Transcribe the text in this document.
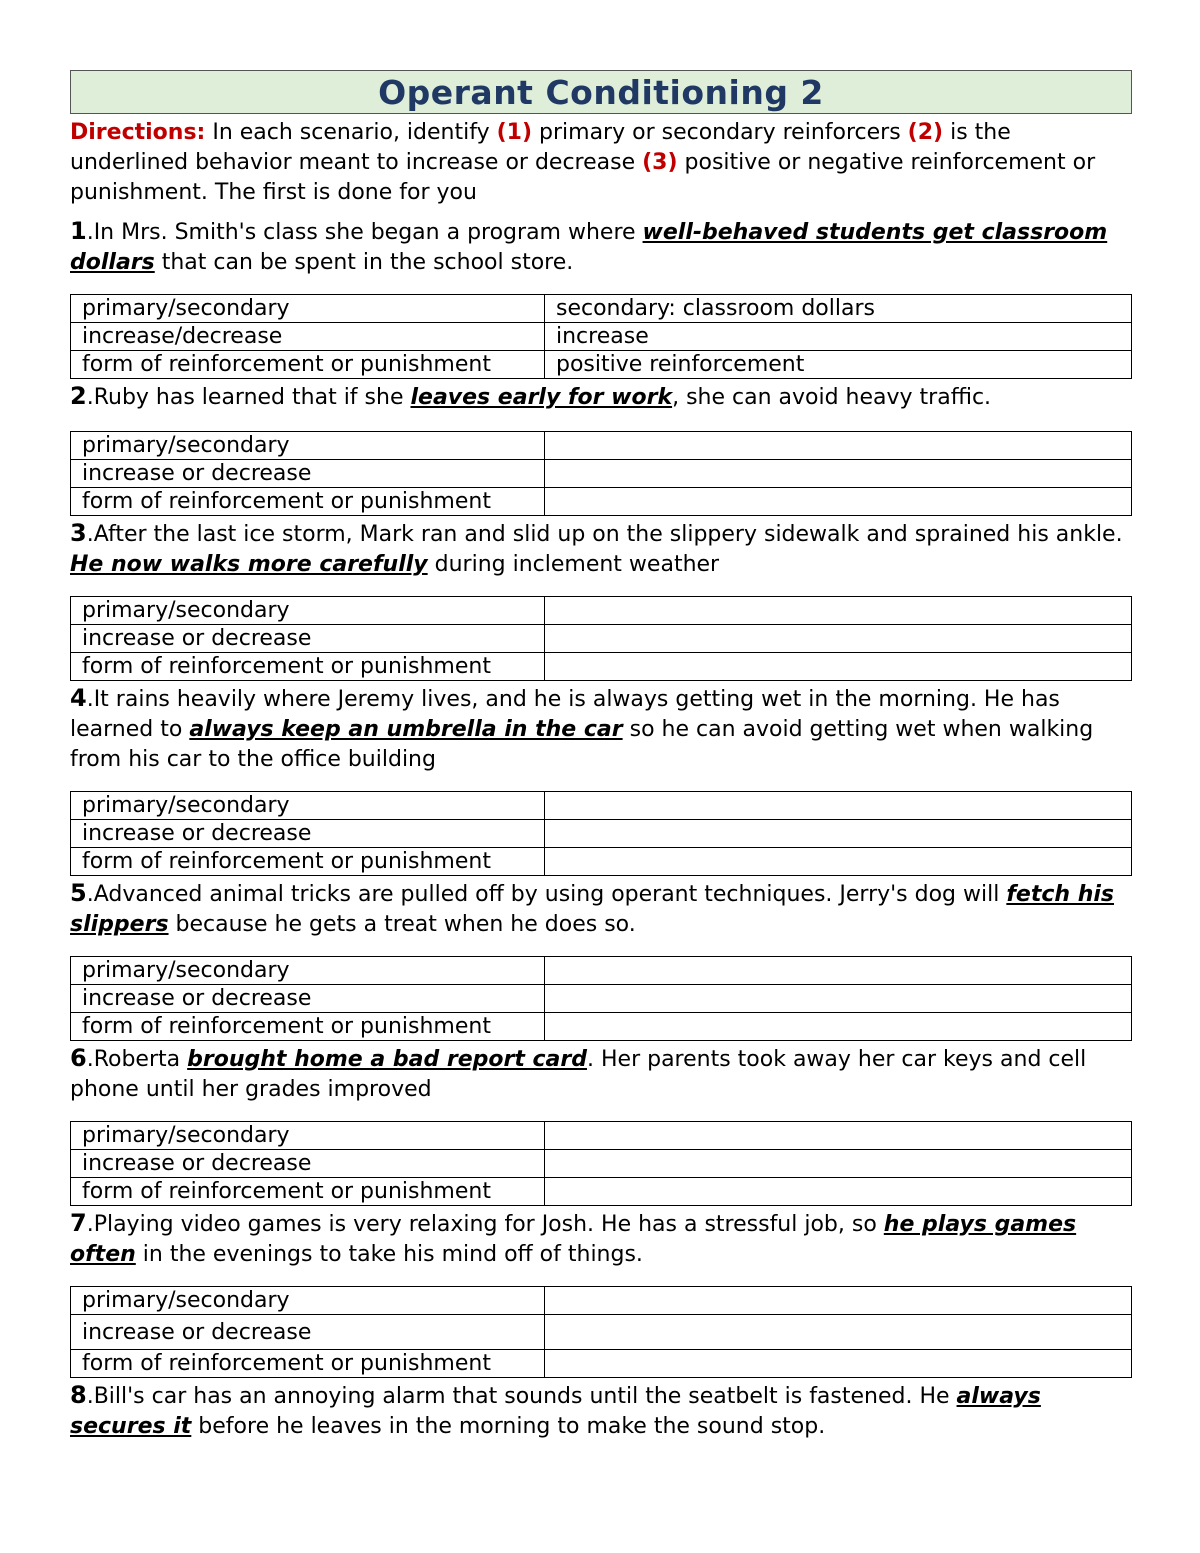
Operant Conditioning 2
Directions: In each scenario, identify (1) primary or secondary reinforcers (2) is the underlined behavior meant to increase or decrease (3) positive or negative reinforcement or punishment. The first is done for you
1.In Mrs. Smith's class she began a program where well-behaved students get classroom dollars that can be spent in the school store.
primary/secondary	secondary: classroom dollars
increase/decrease	increase
form of reinforcement or punishment	positive reinforcement
2.Ruby has learned that if she leaves early for work, she can avoid heavy traffic.
primary/secondary	
increase or decrease	
form of reinforcement or punishment	
3.After the last ice storm, Mark ran and slid up on the slippery sidewalk and sprained his ankle. He now walks more carefully during inclement weather
primary/secondary	
increase or decrease	
form of reinforcement or punishment	
4.It rains heavily where Jeremy lives, and he is always getting wet in the morning. He has learned to always keep an umbrella in the car so he can avoid getting wet when walking from his car to the office building
primary/secondary	
increase or decrease	
form of reinforcement or punishment	
5.Advanced animal tricks are pulled off by using operant techniques. Jerry's dog will fetch his slippers because he gets a treat when he does so.
primary/secondary	
increase or decrease	
form of reinforcement or punishment	
6.Roberta brought home a bad report card. Her parents took away her car keys and cell phone until her grades improved
primary/secondary	
increase or decrease	
form of reinforcement or punishment	
7.Playing video games is very relaxing for Josh. He has a stressful job, so he plays games often in the evenings to take his mind off of things.
primary/secondary	
increase or decrease	
form of reinforcement or punishment	
8.Bill's car has an annoying alarm that sounds until the seatbelt is fastened. He always secures it before he leaves in the morning to make the sound stop.
